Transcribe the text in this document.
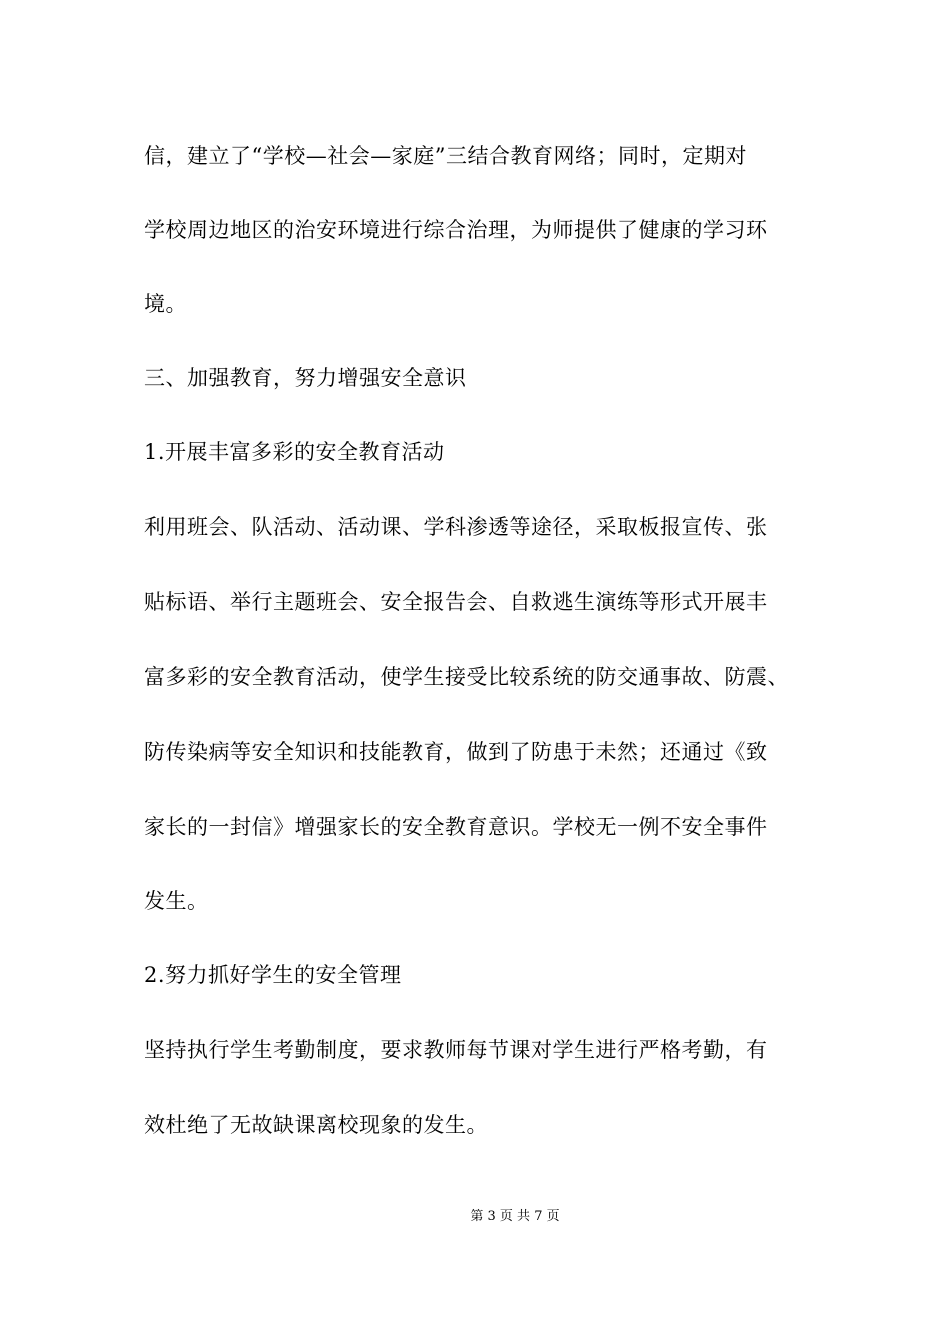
信，建立了“学校—社会—家庭”三结合教育网络；同时，定期对
学校周边地区的治安环境进行综合治理，为师提供了健康的学习环
境。
三、加强教育，努力增强安全意识
1.开展丰富多彩的安全教育活动
利用班会、队活动、活动课、学科渗透等途径，采取板报宣传、张
贴标语、举行主题班会、安全报告会、自救逃生演练等形式开展丰
富多彩的安全教育活动，使学生接受比较系统的防交通事故、防震、
防传染病等安全知识和技能教育，做到了防患于未然；还通过《致
家长的一封信》增强家长的安全教育意识。学校无一例不安全事件
发生。
2.努力抓好学生的安全管理
坚持执行学生考勤制度，要求教师每节课对学生进行严格考勤，有
效杜绝了无故缺课离校现象的发生。
第 3 页 共 7 页
